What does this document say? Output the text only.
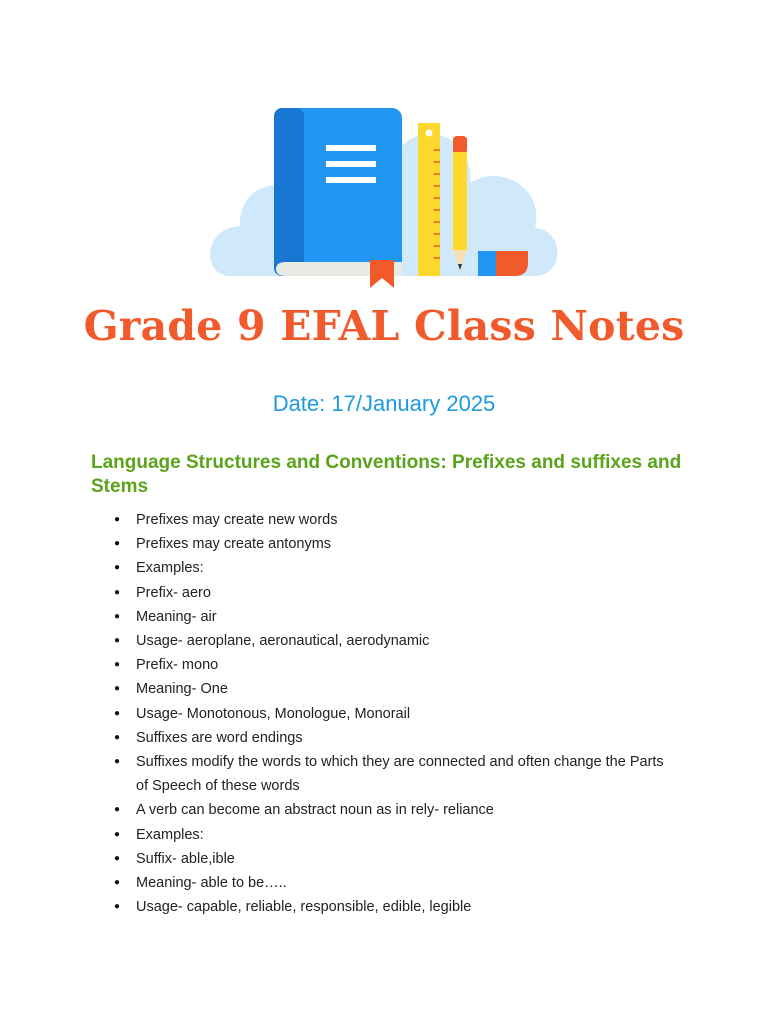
Grade 9 EFAL Class Notes
Date: 17/January 2025
Language Structures and Conventions: Prefixes and suffixes and Stems
● Prefixes may create new words
● Prefixes may create antonyms
● Examples:
● Prefix- aero
● Meaning- air
● Usage- aeroplane, aeronautical, aerodynamic
● Prefix- mono
● Meaning- One
● Usage- Monotonous, Monologue, Monorail
● Suffixes are word endings
● Suffixes modify the words to which they are connected and often change the Parts of Speech of these words
● A verb can become an abstract noun as in rely- reliance
● Examples:
● Suffix- able,ible
● Meaning- able to be…..
● Usage- capable, reliable, responsible, edible, legible
